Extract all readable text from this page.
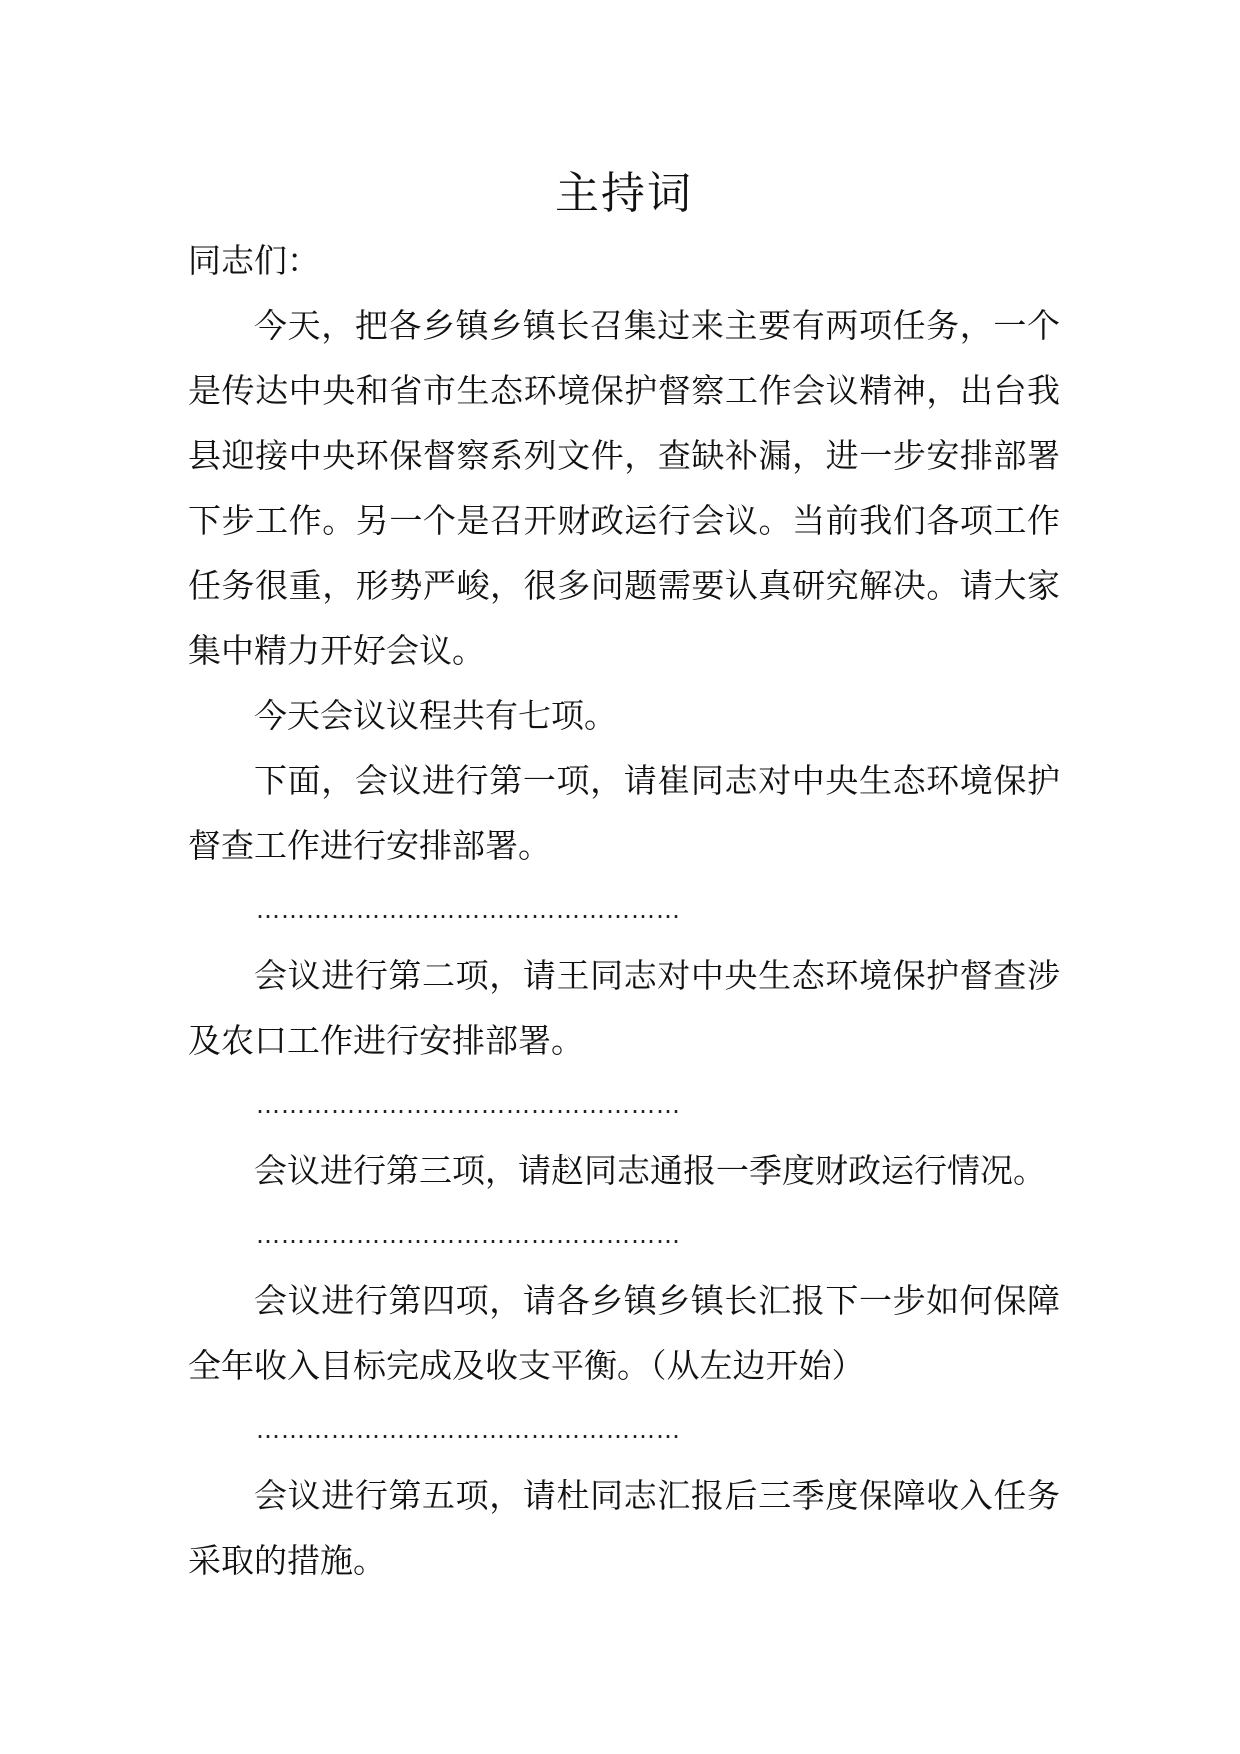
主持词

同志们：

今天，把各乡镇乡镇长召集过来主要有两项任务，一个是传达中央和省市生态环境保护督察工作会议精神，出台我县迎接中央环保督察系列文件，查缺补漏，进一步安排部署下步工作。另一个是召开财政运行会议。当前我们各项工作任务很重，形势严峻，很多问题需要认真研究解决。请大家集中精力开好会议。

今天会议议程共有七项。

下面，会议进行第一项，请崔同志对中央生态环境保护督查工作进行安排部署。

……………………………………………

会议进行第二项，请王同志对中央生态环境保护督查涉及农口工作进行安排部署。

……………………………………………

会议进行第三项，请赵同志通报一季度财政运行情况。

……………………………………………

会议进行第四项，请各乡镇乡镇长汇报下一步如何保障全年收入目标完成及收支平衡。（从左边开始）

……………………………………………

会议进行第五项，请杜同志汇报后三季度保障收入任务采取的措施。
